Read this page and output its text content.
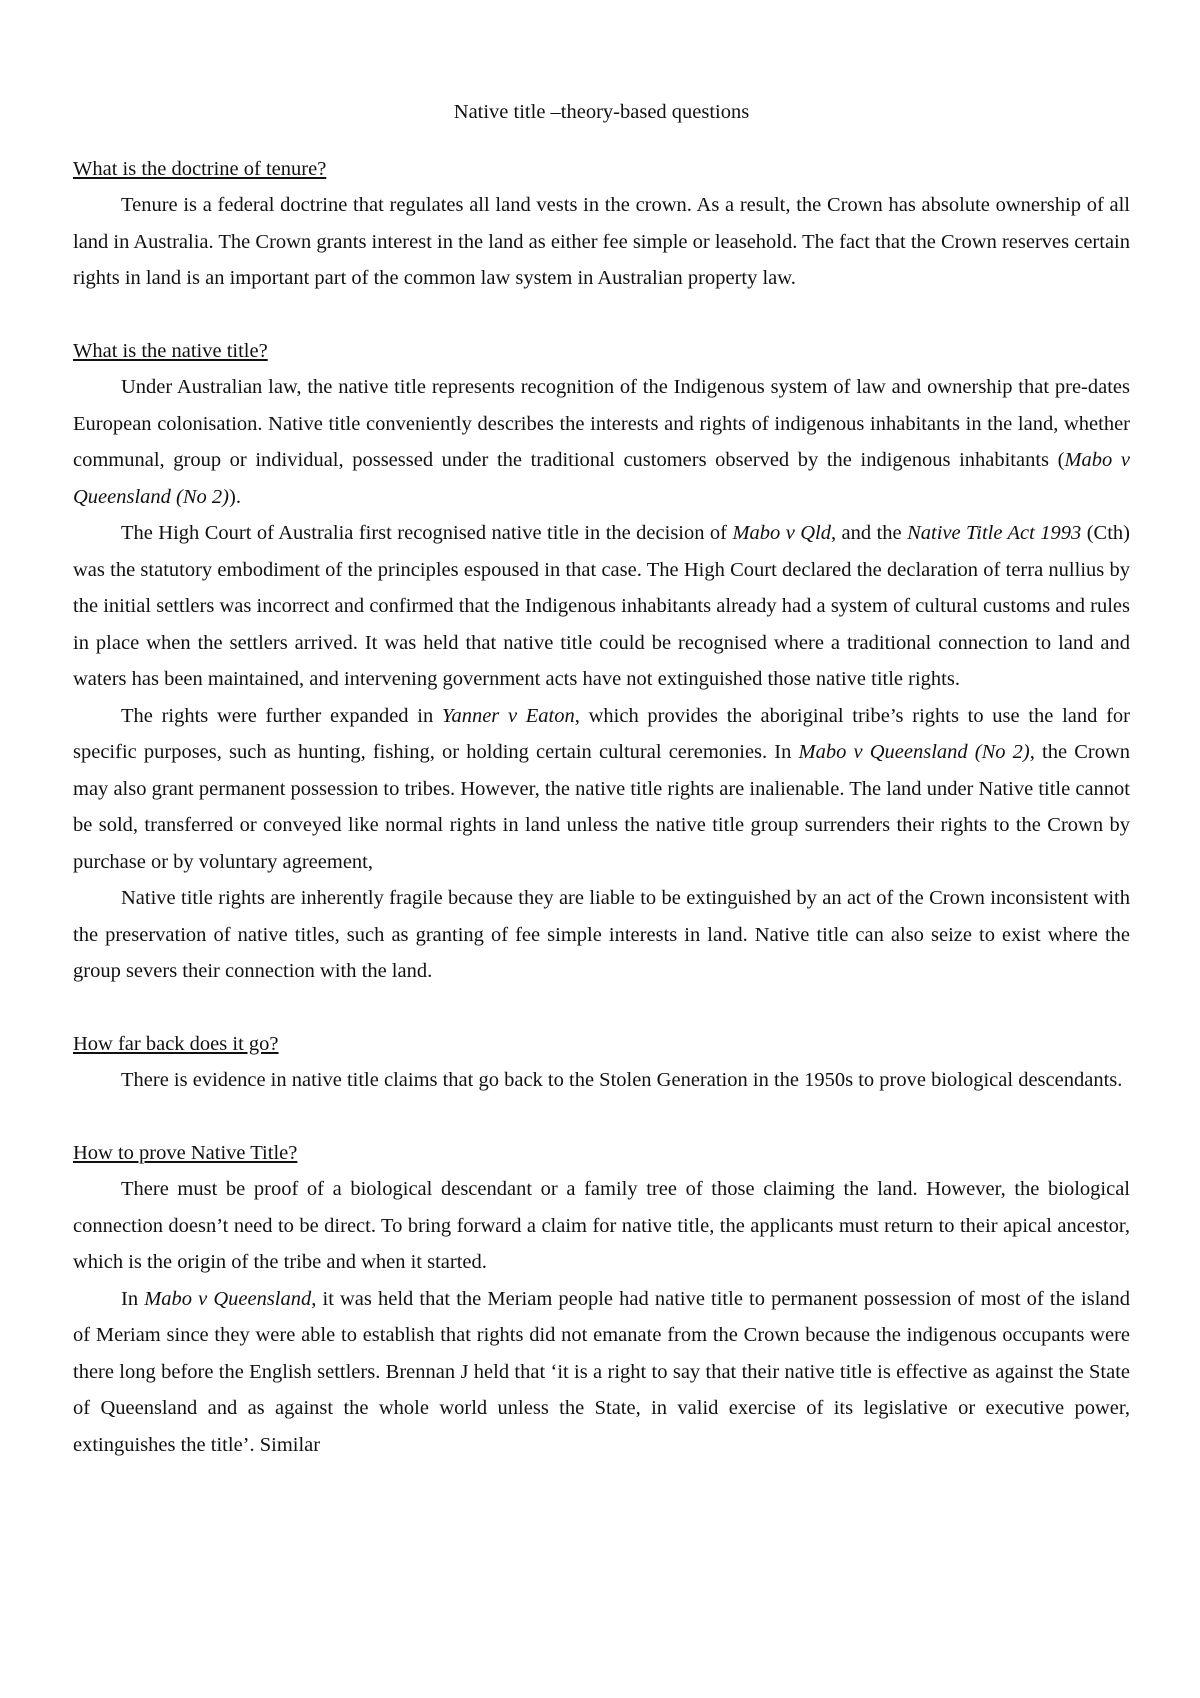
Native title –theory-based questions
What is the doctrine of tenure?

Tenure is a federal doctrine that regulates all land vests in the crown. As a result, the Crown has absolute ownership of all land in Australia. The Crown grants interest in the land as either fee simple or leasehold. The fact that the Crown reserves certain rights in land is an important part of the common law system in Australian property law.

What is the native title?

Under Australian law, the native title represents recognition of the Indigenous system of law and ownership that pre-dates European colonisation. Native title conveniently describes the interests and rights of indigenous inhabitants in the land, whether communal, group or individual, possessed under the traditional customers observed by the indigenous inhabitants (Mabo v Queensland (No 2)).

The High Court of Australia first recognised native title in the decision of Mabo v Qld, and the Native Title Act 1993 (Cth) was the statutory embodiment of the principles espoused in that case. The High Court declared the declaration of terra nullius by the initial settlers was incorrect and confirmed that the Indigenous inhabitants already had a system of cultural customs and rules in place when the settlers arrived. It was held that native title could be recognised where a traditional connection to land and waters has been maintained, and intervening government acts have not extinguished those native title rights.

The rights were further expanded in Yanner v Eaton, which provides the aboriginal tribe’s rights to use the land for specific purposes, such as hunting, fishing, or holding certain cultural ceremonies. In Mabo v Queensland (No 2), the Crown may also grant permanent possession to tribes. However, the native title rights are inalienable. The land under Native title cannot be sold, transferred or conveyed like normal rights in land unless the native title group surrenders their rights to the Crown by purchase or by voluntary agreement,

Native title rights are inherently fragile because they are liable to be extinguished by an act of the Crown inconsistent with the preservation of native titles, such as granting of fee simple interests in land. Native title can also seize to exist where the group severs their connection with the land.

How far back does it go?

There is evidence in native title claims that go back to the Stolen Generation in the 1950s to prove biological descendants.

How to prove Native Title?

There must be proof of a biological descendant or a family tree of those claiming the land. However, the biological connection doesn’t need to be direct. To bring forward a claim for native title, the applicants must return to their apical ancestor, which is the origin of the tribe and when it started.

In Mabo v Queensland, it was held that the Meriam people had native title to permanent possession of most of the island of Meriam since they were able to establish that rights did not emanate from the Crown because the indigenous occupants were there long before the English settlers. Brennan J held that ‘it is a right to say that their native title is effective as against the State of Queensland and as against the whole world unless the State, in valid exercise of its legislative or executive power, extinguishes the title’. Similar
